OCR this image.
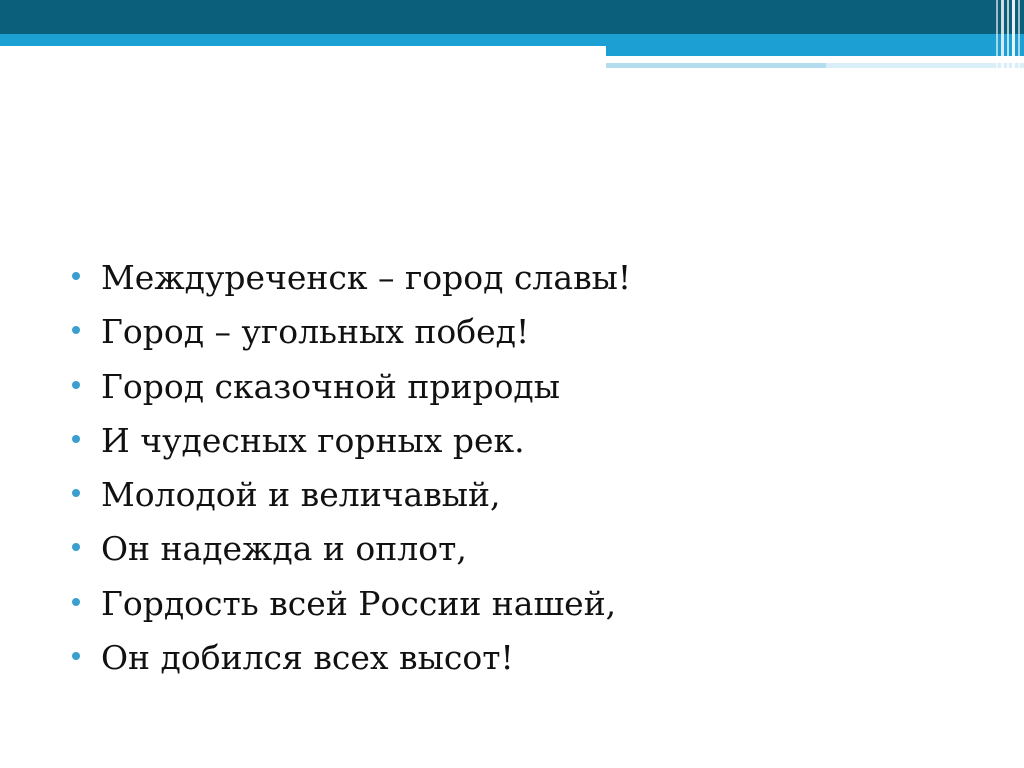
Междуреченск – город славы!
Город – угольных побед!
Город сказочной природы
И чудесных горных рек.
Молодой и величавый,
Он надежда и оплот,
Гордость всей России нашей,
Он добился всех высот!
